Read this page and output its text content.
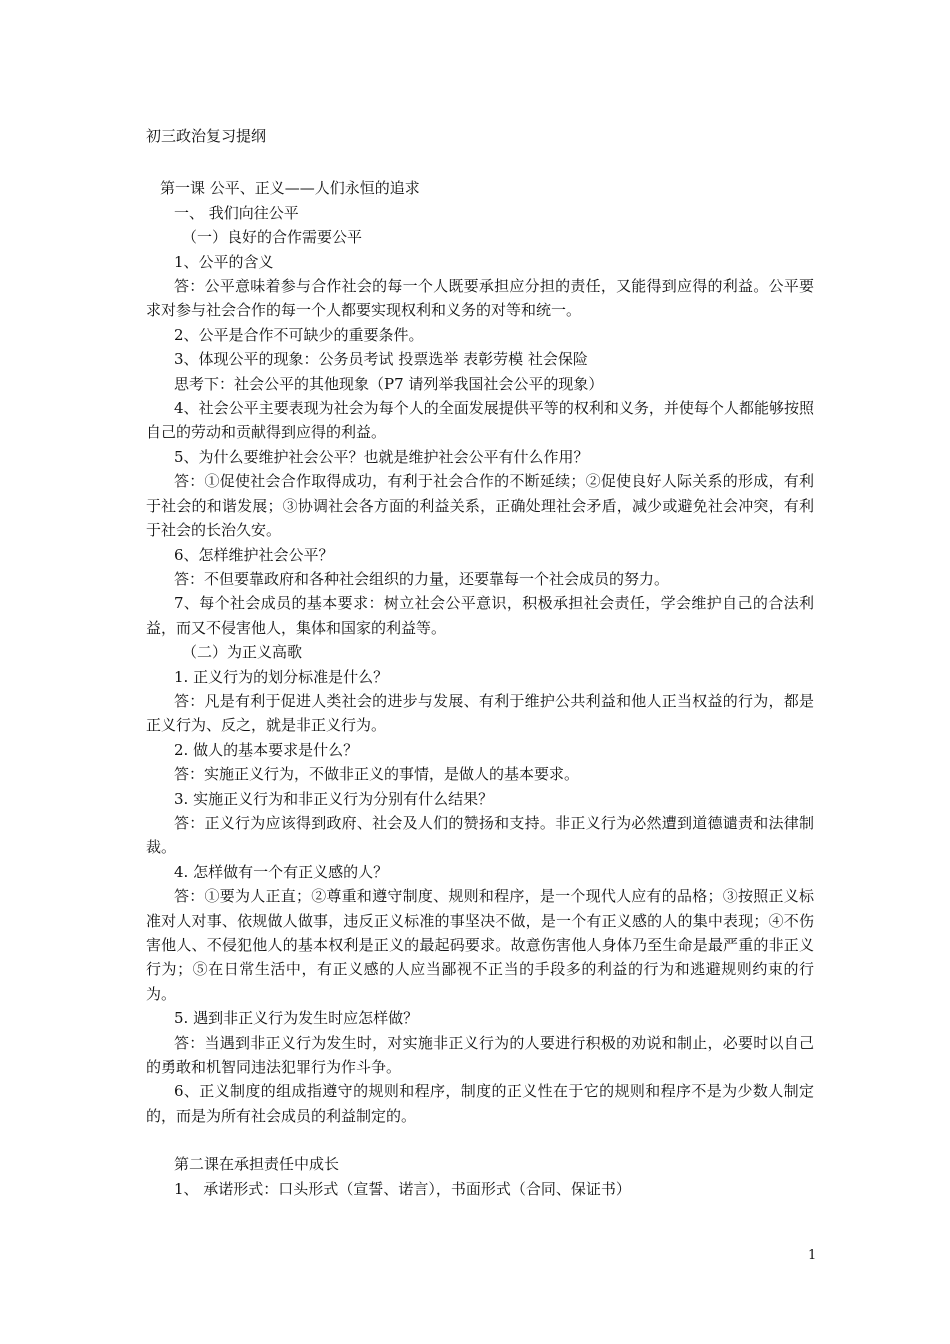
初三政治复习提纲
第一课 公平、正义——人们永恒的追求
一、 我们向往公平
（一）良好的合作需要公平
1、公平的含义
答：公平意味着参与合作社会的每一个人既要承担应分担的责任，又能得到应得的利益。公平要求对参与社会合作的每一个人都要实现权利和义务的对等和统一。
2、公平是合作不可缺少的重要条件。
3、体现公平的现象：公务员考试 投票选举 表彰劳模 社会保险
思考下：社会公平的其他现象（P7 请列举我国社会公平的现象）
4、社会公平主要表现为社会为每个人的全面发展提供平等的权利和义务，并使每个人都能够按照自己的劳动和贡献得到应得的利益。
5、为什么要维护社会公平？也就是维护社会公平有什么作用？
答：①促使社会合作取得成功，有利于社会合作的不断延续；②促使良好人际关系的形成，有利于社会的和谐发展；③协调社会各方面的利益关系，正确处理社会矛盾，减少或避免社会冲突，有利于社会的长治久安。
6、怎样维护社会公平？
答：不但要靠政府和各种社会组织的力量，还要靠每一个社会成员的努力。
7、每个社会成员的基本要求：树立社会公平意识，积极承担社会责任，学会维护自己的合法利益，而又不侵害他人，集体和国家的利益等。
（二）为正义高歌
1. 正义行为的划分标准是什么？
答：凡是有利于促进人类社会的进步与发展、有利于维护公共利益和他人正当权益的行为，都是正义行为、反之，就是非正义行为。
2. 做人的基本要求是什么？
答：实施正义行为，不做非正义的事情，是做人的基本要求。
3. 实施正义行为和非正义行为分别有什么结果？
答：正义行为应该得到政府、社会及人们的赞扬和支持。非正义行为必然遭到道德谴责和法律制裁。
4. 怎样做有一个有正义感的人？
答：①要为人正直；②尊重和遵守制度、规则和程序，是一个现代人应有的品格；③按照正义标准对人对事、依规做人做事，违反正义标准的事坚决不做，是一个有正义感的人的集中表现；④不伤害他人、不侵犯他人的基本权利是正义的最起码要求。故意伤害他人身体乃至生命是最严重的非正义行为；⑤在日常生活中，有正义感的人应当鄙视不正当的手段多的利益的行为和逃避规则约束的行为。
5. 遇到非正义行为发生时应怎样做？
答：当遇到非正义行为发生时，对实施非正义行为的人要进行积极的劝说和制止，必要时以自己的勇敢和机智同违法犯罪行为作斗争。
6、正义制度的组成指遵守的规则和程序，制度的正义性在于它的规则和程序不是为少数人制定的，而是为所有社会成员的利益制定的。
第二课在承担责任中成长
1、 承诺形式：口头形式（宣誓、诺言），书面形式（合同、保证书）
1
